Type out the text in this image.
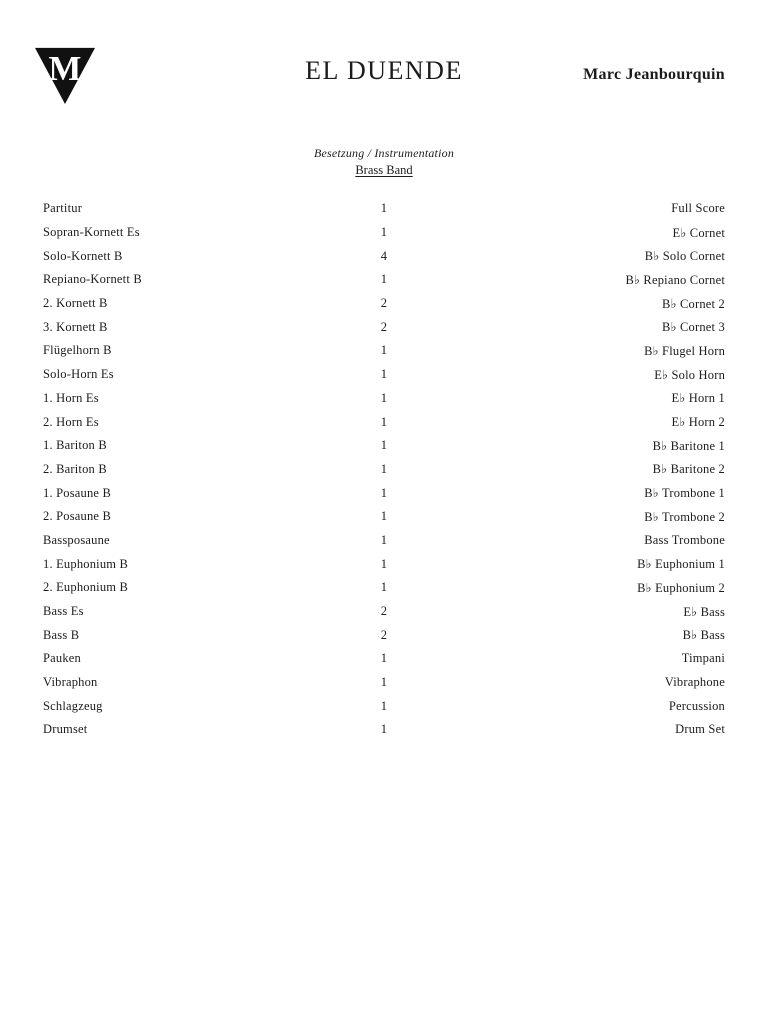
M	EL DUENDE	Marc Jeanbourquin
Besetzung / Instrumentation
Brass Band
Partitur	1	Full Score
Sopran-Kornett Es	1	E♭ Cornet
Solo-Kornett B	4	B♭ Solo Cornet
Repiano-Kornett B	1	B♭ Repiano Cornet
2. Kornett B	2	B♭ Cornet 2
3. Kornett B	2	B♭ Cornet 3
Flügelhorn B	1	B♭ Flugel Horn
Solo-Horn Es	1	E♭ Solo Horn
1. Horn Es	1	E♭ Horn 1
2. Horn Es	1	E♭ Horn 2
1. Bariton B	1	B♭ Baritone 1
2. Bariton B	1	B♭ Baritone 2
1. Posaune B	1	B♭ Trombone 1
2. Posaune B	1	B♭ Trombone 2
Bassposaune	1	Bass Trombone
1. Euphonium B	1	B♭ Euphonium 1
2. Euphonium B	1	B♭ Euphonium 2
Bass Es	2	E♭ Bass
Bass B	2	B♭ Bass
Pauken	1	Timpani
Vibraphon	1	Vibraphone
Schlagzeug	1	Percussion
Drumset	1	Drum Set
